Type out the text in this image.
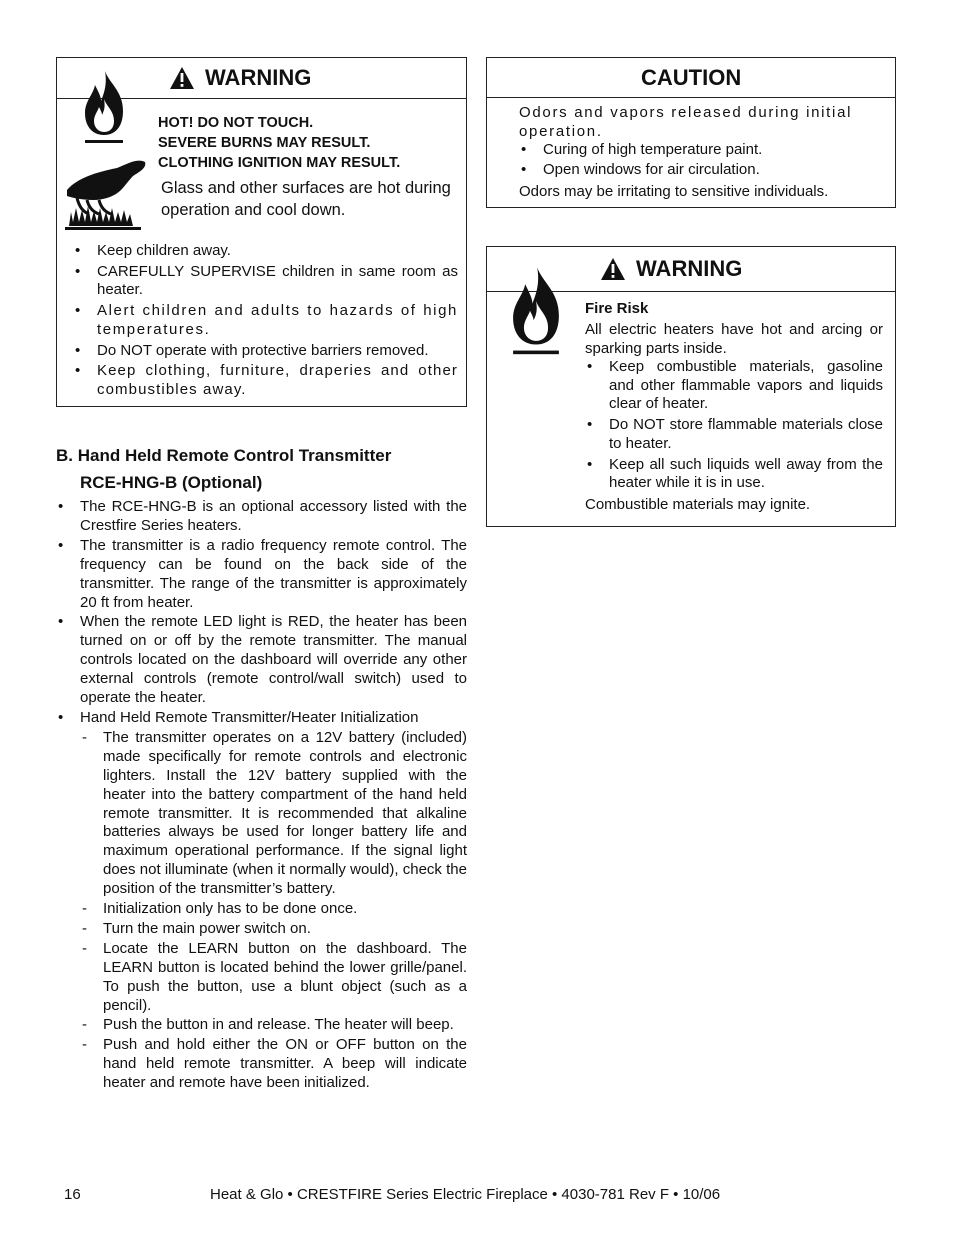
WARNING
HOT! DO NOT TOUCH.
SEVERE BURNS MAY RESULT.
CLOTHING IGNITION MAY RESULT.
Glass and other surfaces are hot during operation and cool down.
• Keep children away.
• CAREFULLY SUPERVISE children in same room as heater.
• Alert children and adults to hazards of high temperatures.
• Do NOT operate with protective barriers removed.
• Keep clothing, furniture, draperies and other combustibles away.
CAUTION
Odors and vapors released during initial operation.
• Curing of high temperature paint.
• Open windows for air circulation.
Odors may be irritating to sensitive individuals.
WARNING
Fire Risk
All electric heaters have hot and arcing or sparking parts inside.
• Keep combustible materials, gasoline and other flammable vapors and liquids clear of heater.
• Do NOT store flammable materials close to heater.
• Keep all such liquids well away from the heater while it is in use.
Combustible materials may ignite.
B. Hand Held Remote Control Transmitter
RCE-HNG-B (Optional)
• The RCE-HNG-B is an optional accessory listed with the Crestfire Series heaters.
• The transmitter is a radio frequency remote control. The frequency can be found on the back side of the transmitter. The range of the transmitter is approximately 20 ft from heater.
• When the remote LED light is RED, the heater has been turned on or off by the remote transmitter. The manual controls located on the dashboard will override any other external controls (remote control/wall switch) used to operate the heater.
• Hand Held Remote Transmitter/Heater Initialization
- The transmitter operates on a 12V battery (included) made specifically for remote controls and electronic lighters. Install the 12V battery supplied with the heater into the battery compartment of the hand held remote transmitter. It is recommended that alkaline batteries always be used for longer battery life and maximum operational performance. If the signal light does not illuminate (when it normally would), check the position of the transmitter’s battery.
- Initialization only has to be done once.
- Turn the main power switch on.
- Locate the LEARN button on the dashboard. The LEARN button is located behind the lower grille/panel. To push the button, use a blunt object (such as a pencil).
- Push the button in and release. The heater will beep.
- Push and hold either the ON or OFF button on the hand held remote transmitter. A beep will indicate heater and remote have been initialized.
16	Heat & Glo • CRESTFIRE Series Electric Fireplace • 4030-781 Rev F • 10/06
